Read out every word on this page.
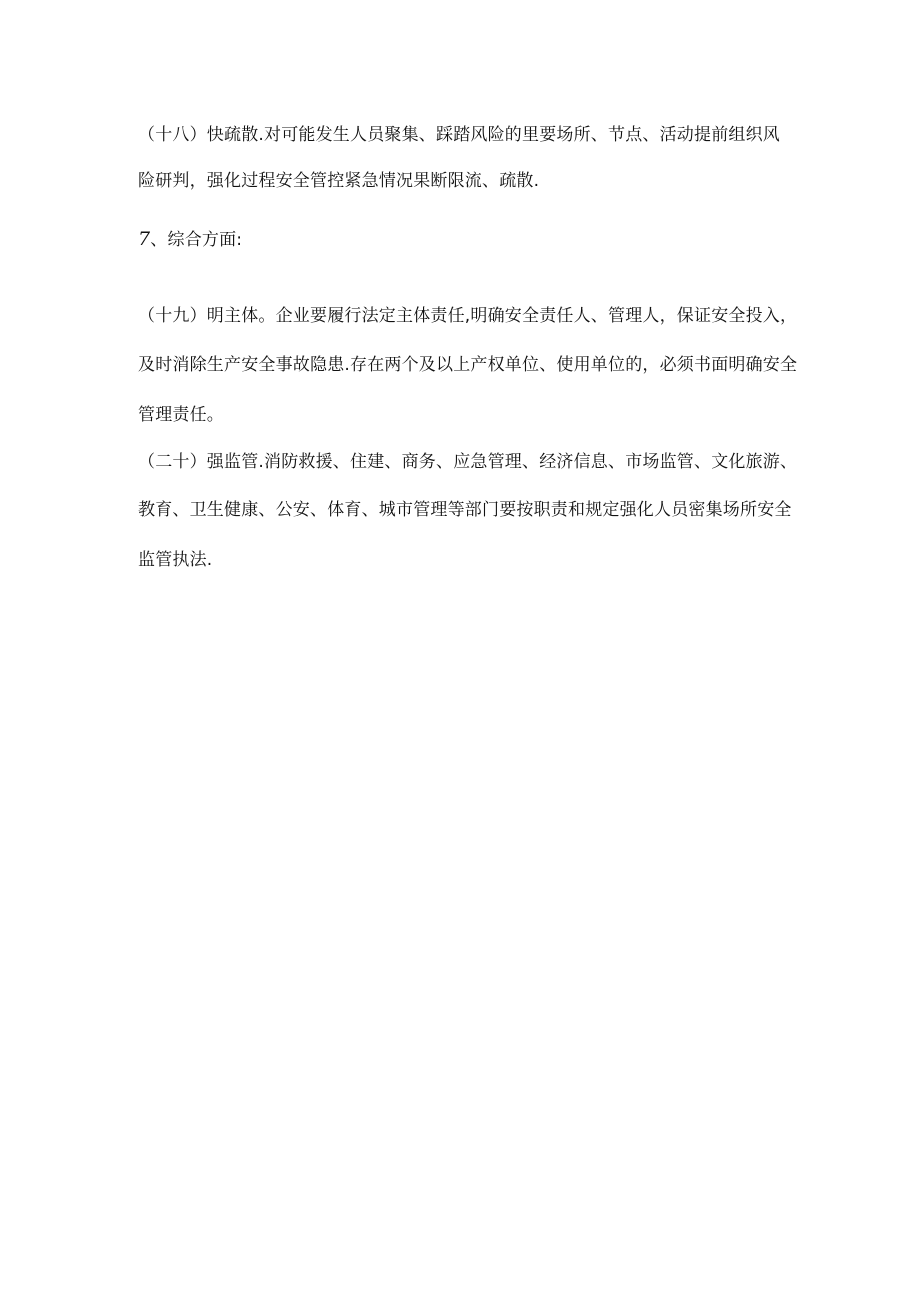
（十八）快疏散.对可能发生人员聚集、踩踏风险的里要场所、节点、活动提前组织风
险研判，强化过程安全管控紧急情况果断限流、疏散.
7、综合方面:
（十九）明主体。企业要履行法定主体责任,明确安全责任人、管理人，保证安全投入，
及时消除生产安全事故隐患.存在两个及以上产权单位、使用单位的，必须书面明确安全
管理责任。
（二十）强监管.消防救援、住建、商务、应急管理、经济信息、市场监管、文化旅游、
教育、卫生健康、公安、体育、城市管理等部门要按职责和规定强化人员密集场所安全
监管执法.
